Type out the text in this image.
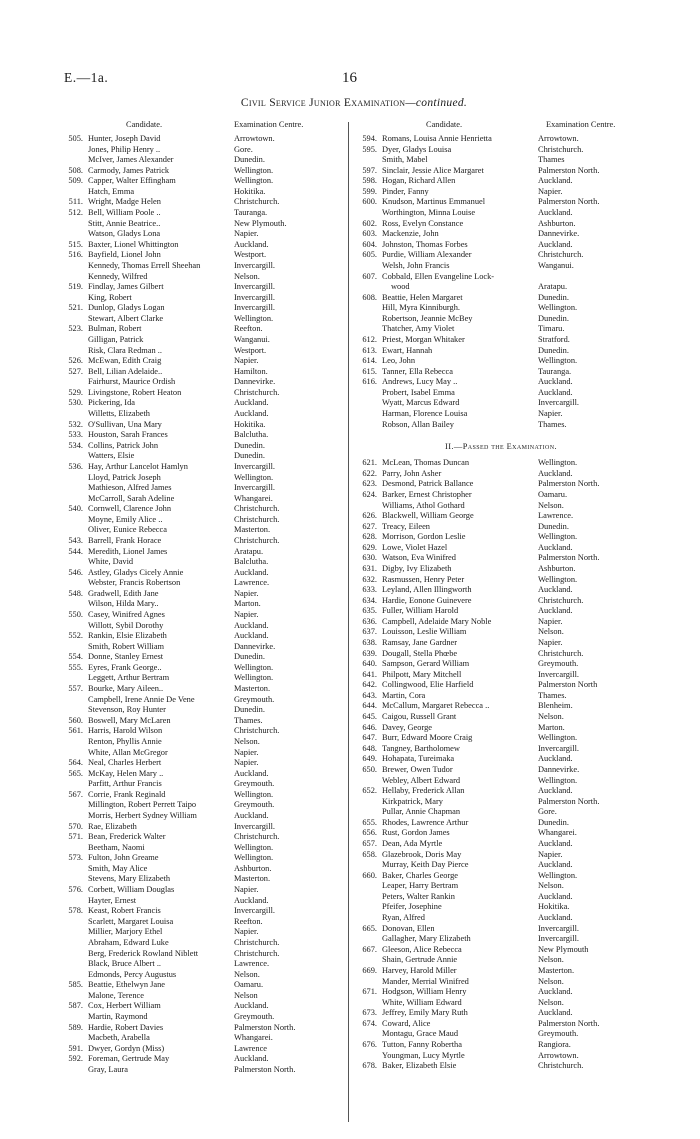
E.—1a.	16
Civil Service Junior Examination—continued.
Candidate.	Examination Centre.
505. Hunter, Joseph David	Arrowtown.
Jones, Philip Henry ..	Gore.
McIver, James Alexander	Dunedin.
508. Carmody, James Patrick	Wellington.
509. Capper, Walter Effingham	Wellington.
Hatch, Emma	Hokitika.
511. Wright, Madge Helen	Christchurch.
512. Bell, William Poole ..	Tauranga.
Stitt, Annie Beatrice..	New Plymouth.
Watson, Gladys Lona	Napier.
515. Baxter, Lionel Whittington	Auckland.
516. Bayfield, Lionel John	Westport.
Kennedy, Thomas Errell Sheehan	Invercargill.
Kennedy, Wilfred	Nelson.
519. Findlay, James Gilbert	Invercargill.
King, Robert	Invercargill.
521. Dunlop, Gladys Logan	Invercargill.
Stewart, Albert Clarke	Wellington.
523. Bulman, Robert	Reefton.
Gilligan, Patrick	Wanganui.
Risk, Clara Redman ..	Westport.
526. McEwan, Edith Craig	Napier.
527. Bell, Lilian Adelaide..	Hamilton.
Fairhurst, Maurice Ordish	Dannevirke.
529. Livingstone, Robert Heaton	Christchurch.
530. Pickering, Ida	Auckland.
Willetts, Elizabeth	Auckland.
532. O'Sullivan, Una Mary	Hokitika.
533. Houston, Sarah Frances	Balclutha.
534. Collins, Patrick John	Dunedin.
Watters, Elsie	Dunedin.
536. Hay, Arthur Lancelot Hamlyn	Invercargill.
Lloyd, Patrick Joseph	Wellington.
Mathieson, Alfred James	Invercargill.
McCarroll, Sarah Adeline	Whangarei.
540. Cornwell, Clarence John	Christchurch.
Moyne, Emily Alice ..	Christchurch.
Oliver, Eunice Rebecca	Masterton.
543. Barrell, Frank Horace	Christchurch.
544. Meredith, Lionel James	Aratapu.
White, David	Balclutha.
546. Astley, Gladys Cicely Annie	Auckland.
Webster, Francis Robertson	Lawrence.
548. Gradwell, Edith Jane	Napier.
Wilson, Hilda Mary..	Marton.
550. Casey, Winifred Agnes	Napier.
Willott, Sybil Dorothy	Auckland.
552. Rankin, Elsie Elizabeth	Auckland.
Smith, Robert William	Dannevirke.
554. Donne, Stanley Ernest	Dunedin.
555. Eyres, Frank George..	Wellington.
Leggett, Arthur Bertram	Wellington.
557. Bourke, Mary Aileen..	Masterton.
Campbell, Irene Annie De Vene	Greymouth.
Stevenson, Roy Hunter	Dunedin.
560. Boswell, Mary McLaren	Thames.
561. Harris, Harold Wilson	Christchurch.
Renton, Phyllis Annie	Nelson.
White, Allan McGregor	Napier.
564. Neal, Charles Herbert	Napier.
565. McKay, Helen Mary ..	Auckland.
Parfitt, Arthur Francis	Greymouth.
567. Corrie, Frank Reginald	Wellington.
Millington, Robert Perrett Taipo	Greymouth.
Morris, Herbert Sydney William	Auckland.
570. Rae, Elizabeth	Invercargill.
571. Bean, Frederick Walter	Christchurch.
Beetham, Naomi	Wellington.
573. Fulton, John Greame	Wellington.
Smith, May Alice	Ashburton.
Stevens, Mary Elizabeth	Masterton.
576. Corbett, William Douglas	Napier.
Hayter, Ernest	Auckland.
578. Keast, Robert Francis	Invercargill.
Scarlett, Margaret Louisa	Reefton.
Millier, Marjory Ethel	Napier.
Abraham, Edward Luke	Christchurch.
Berg, Frederick Rowland Niblett	Christchurch.
Black, Bruce Albert ..	Lawrence.
Edmonds, Percy Augustus	Nelson.
585. Beattie, Ethelwyn Jane	Oamaru.
Malone, Terence	Nelson
587. Cox, Herbert William	Auckland.
Martin, Raymond	Greymouth.
589. Hardie, Robert Davies	Palmerston North.
Macbeth, Arabella	Whangarei.
591. Dwyer, Gordyn (Miss)	Lawrence
592. Foreman, Gertrude May	Auckland.
Gray, Laura	Palmerston North.
Candidate.	Examination Centre.
594. Romans, Louisa Annie Henrietta	Arrowtown.
595. Dyer, Gladys Louisa	Christchurch.
Smith, Mabel	Thames
597. Sinclair, Jessie Alice Margaret	Palmerston North.
598. Hogan, Richard Allen	Auckland.
599. Pinder, Fanny	Napier.
600. Knudson, Martinus Emmanuel	Palmerston North.
Worthington, Minna Louise	Auckland.
602. Ross, Evelyn Constance	Ashburton.
603. Mackenzie, John	Dannevirke.
604. Johnston, Thomas Forbes	Auckland.
605. Purdie, William Alexander	Christchurch.
Welsh, John Francis	Wanganui.
607. Cobbald, Ellen Evangeline Lock-
wood	Aratapu.
608. Beattie, Helen Margaret	Dunedin.
Hill, Myra Kinniburgh.	Wellington.
Robertson, Jeannie McBey	Dunedin.
Thatcher, Amy Violet	Timaru.
612. Priest, Morgan Whitaker	Stratford.
613. Ewart, Hannah	Dunedin.
614. Leo, John	Wellington.
615. Tanner, Ella Rebecca	Tauranga.
616. Andrews, Lucy May ..	Auckland.
Probert, Isabel Emma	Auckland.
Wyatt, Marcus Edward	Invercargill.
Harman, Florence Louisa	Napier.
Robson, Allan Bailey	Thames.
II.—Passed the Examination.
621. McLean, Thomas Duncan	Wellington.
622. Parry, John Asher	Auckland.
623. Desmond, Patrick Ballance	Palmerston North.
624. Barker, Ernest Christopher	Oamaru.
Williams, Athol Gothard	Nelson.
626. Blackwell, William George	Lawrence.
627. Treacy, Eileen	Dunedin.
628. Morrison, Gordon Leslie	Wellington.
629. Lowe, Violet Hazel	Auckland.
630. Watson, Eva Winifred	Palmerston North.
631. Digby, Ivy Elizabeth	Ashburton.
632. Rasmussen, Henry Peter	Wellington.
633. Leyland, Allen Illingworth	Auckland.
634. Hardie, Eonone Guinevere	Christchurch.
635. Fuller, William Harold	Auckland.
636. Campbell, Adelaide Mary Noble	Napier.
637. Louisson, Leslie William	Nelson.
638. Ramsay, Jane Gardner	Napier.
639. Dougall, Stella Phœbe	Christchurch.
640. Sampson, Gerard William	Greymouth.
641. Philpott, Mary Mitchell	Invercargill.
642. Collingwood, Elie Harfield	Palmerston North
643. Martin, Cora	Thames.
644. McCallum, Margaret Rebecca ..	Blenheim.
645. Caigou, Russell Grant	Nelson.
646. Davey, George	Marton.
647. Burr, Edward Moore Craig	Wellington.
648. Tangney, Bartholomew	Invercargill.
649. Hohapata, Tureimaka	Auckland.
650. Brewer, Owen Tudor	Dannevirke.
Webley, Albert Edward	Wellington.
652. Hellaby, Frederick Allan	Auckland.
Kirkpatrick, Mary	Palmerston North.
Pullar, Annie Chapman	Gore.
655. Rhodes, Lawrence Arthur	Dunedin.
656. Rust, Gordon James	Whangarei.
657. Dean, Ada Myrtle	Auckland.
658. Glazebrook, Doris May	Napier.
Murray, Keith Day Pierce	Auckland.
660. Baker, Charles George	Wellington.
Leaper, Harry Bertram	Nelson.
Peters, Walter Rankin	Auckland.
Pfeifer, Josephine	Hokitika.
Ryan, Alfred	Auckland.
665. Donovan, Ellen	Invercargill.
Gallagher, Mary Elizabeth	Invercargill.
667. Gleeson, Alice Rebecca	New Plymouth
Shain, Gertrude Annie	Nelson.
669. Harvey, Harold Miller	Masterton.
Mander, Merrial Winifred	Nelson.
671. Hodgson, William Henry	Auckland.
White, William Edward	Nelson.
673. Jeffrey, Emily Mary Ruth	Auckland.
674. Coward, Alice	Palmerston North.
Montagu, Grace Maud	Greymouth.
676. Tutton, Fanny Robertha	Rangiora.
Youngman, Lucy Myrtle	Arrowtown.
678. Baker, Elizabeth Elsie	Christchurch.
